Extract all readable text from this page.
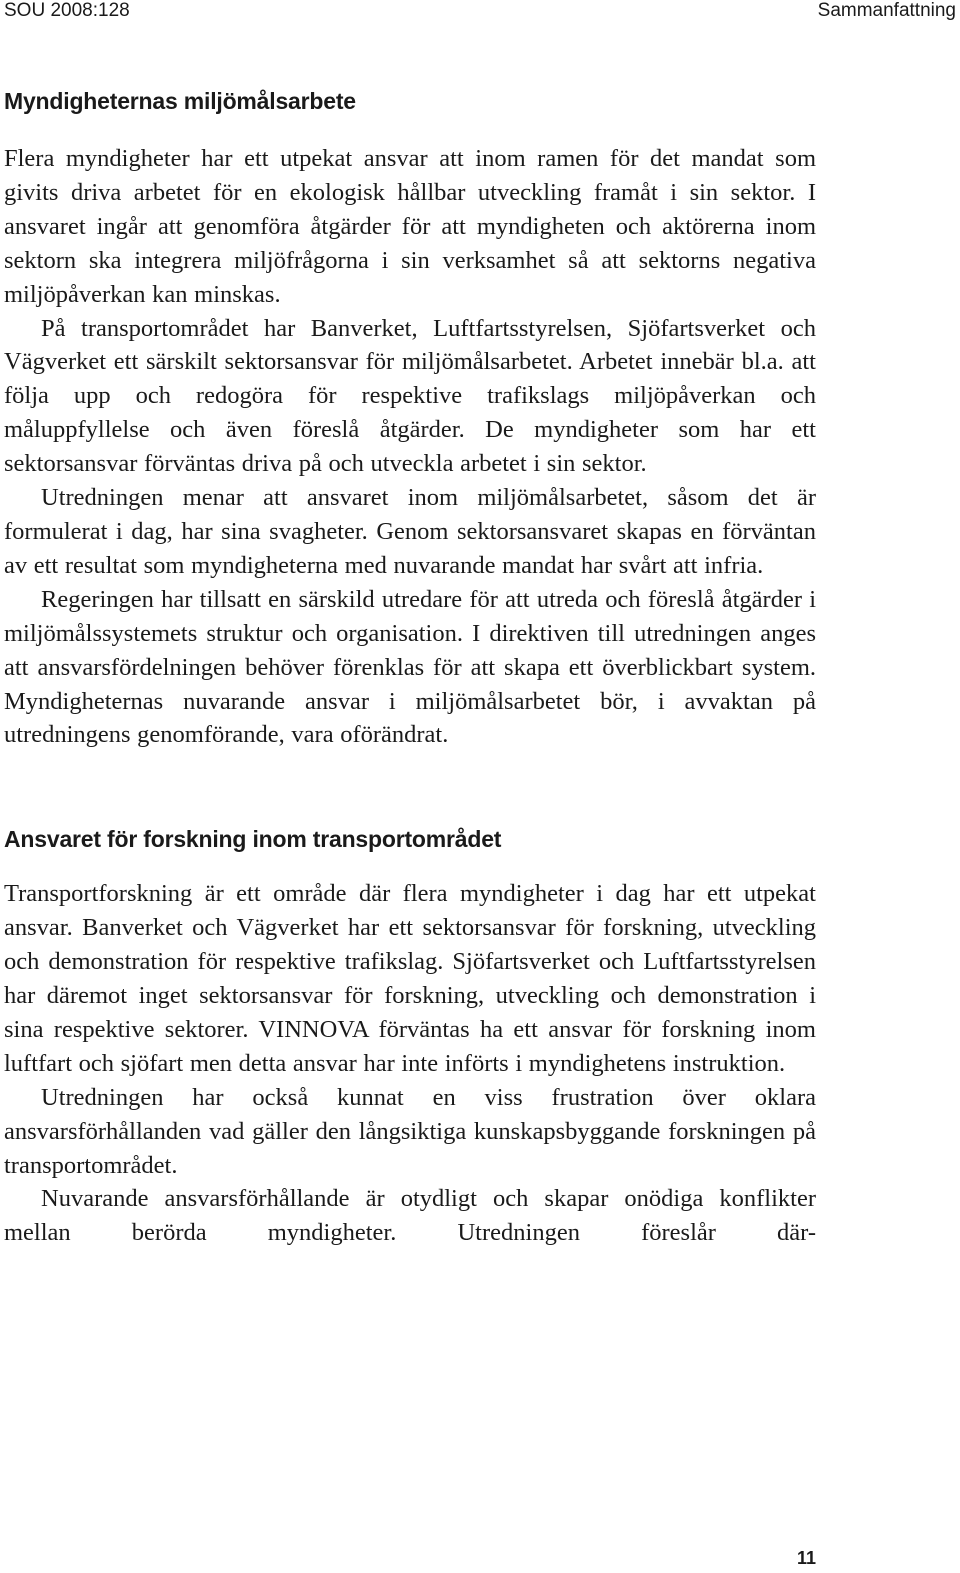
SOU 2008:128	Sammanfattning
Myndigheternas miljömålsarbete

Flera myndigheter har ett utpekat ansvar att inom ramen för det mandat som givits driva arbetet för en ekologisk hållbar utveckling framåt i sin sektor. I ansvaret ingår att genomföra åtgärder för att myndigheten och aktörerna inom sektorn ska integrera miljöfrågorna i sin verksamhet så att sektorns negativa miljöpåverkan kan minskas.

På transportområdet har Banverket, Luftfartsstyrelsen, Sjöfartsverket och Vägverket ett särskilt sektorsansvar för miljömålsarbetet. Arbetet innebär bl.a. att följa upp och redogöra för respektive trafikslags miljöpåverkan och måluppfyllelse och även föreslå åtgärder. De myndigheter som har ett sektorsansvar förväntas driva på och utveckla arbetet i sin sektor.

Utredningen menar att ansvaret inom miljömålsarbetet, såsom det är formulerat i dag, har sina svagheter. Genom sektorsansvaret skapas en förväntan av ett resultat som myndigheterna med nuvarande mandat har svårt att infria.

Regeringen har tillsatt en särskild utredare för att utreda och föreslå åtgärder i miljömålssystemets struktur och organisation. I direktiven till utredningen anges att ansvarsfördelningen behöver förenklas för att skapa ett överblickbart system. Myndigheternas nuvarande ansvar i miljömålsarbetet bör, i avvaktan på utredningens genomförande, vara oförändrat.

Ansvaret för forskning inom transportområdet

Transportforskning är ett område där flera myndigheter i dag har ett utpekat ansvar. Banverket och Vägverket har ett sektorsansvar för forskning, utveckling och demonstration för respektive trafikslag. Sjöfartsverket och Luftfartsstyrelsen har däremot inget sektorsansvar för forskning, utveckling och demonstration i sina respektive sektorer. VINNOVA förväntas ha ett ansvar för forskning inom luftfart och sjöfart men detta ansvar har inte införts i myndighetens instruktion.

Utredningen har också kunnat en viss frustration över oklara ansvarsförhållanden vad gäller den långsiktiga kunskapsbyggande forskningen på transportområdet.

Nuvarande ansvarsförhållande är otydligt och skapar onödiga konflikter mellan berörda myndigheter. Utredningen föreslår där-

11
